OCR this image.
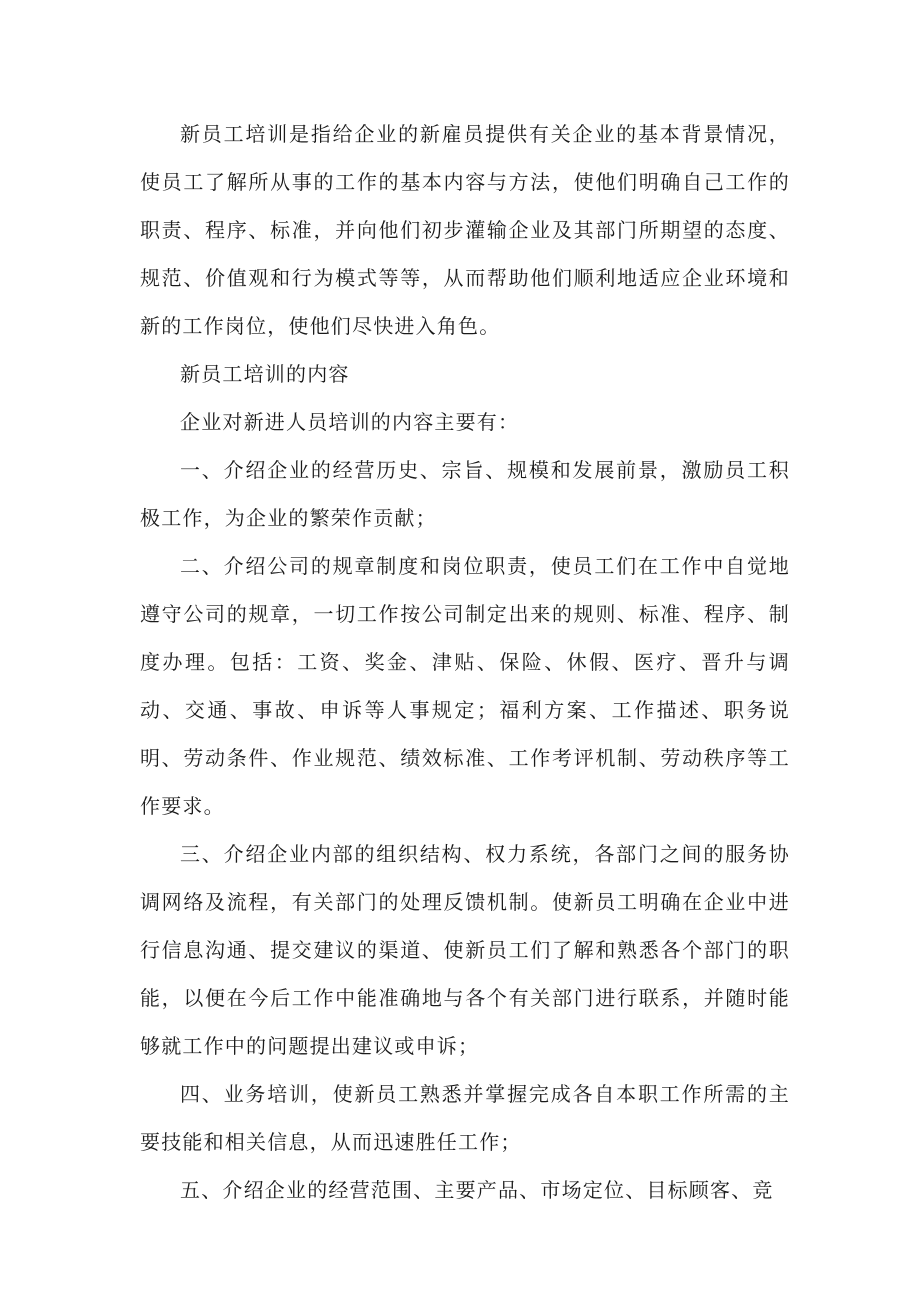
新员工培训是指给企业的新雇员提供有关企业的基本背景情况，使员工了解所从事的工作的基本内容与方法，使他们明确自己工作的职责、程序、标准，并向他们初步灌输企业及其部门所期望的态度、规范、价值观和行为模式等等，从而帮助他们顺利地适应企业环境和新的工作岗位，使他们尽快进入角色。

新员工培训的内容

企业对新进人员培训的内容主要有：

一、介绍企业的经营历史、宗旨、规模和发展前景，激励员工积极工作，为企业的繁荣作贡献；

二、介绍公司的规章制度和岗位职责，使员工们在工作中自觉地遵守公司的规章，一切工作按公司制定出来的规则、标准、程序、制度办理。包括：工资、奖金、津贴、保险、休假、医疗、晋升与调动、交通、事故、申诉等人事规定；福利方案、工作描述、职务说明、劳动条件、作业规范、绩效标准、工作考评机制、劳动秩序等工作要求。

三、介绍企业内部的组织结构、权力系统，各部门之间的服务协调网络及流程，有关部门的处理反馈机制。使新员工明确在企业中进行信息沟通、提交建议的渠道、使新员工们了解和熟悉各个部门的职能，以便在今后工作中能准确地与各个有关部门进行联系，并随时能够就工作中的问题提出建议或申诉；

四、业务培训，使新员工熟悉并掌握完成各自本职工作所需的主要技能和相关信息，从而迅速胜任工作；

五、介绍企业的经营范围、主要产品、市场定位、目标顾客、竞
